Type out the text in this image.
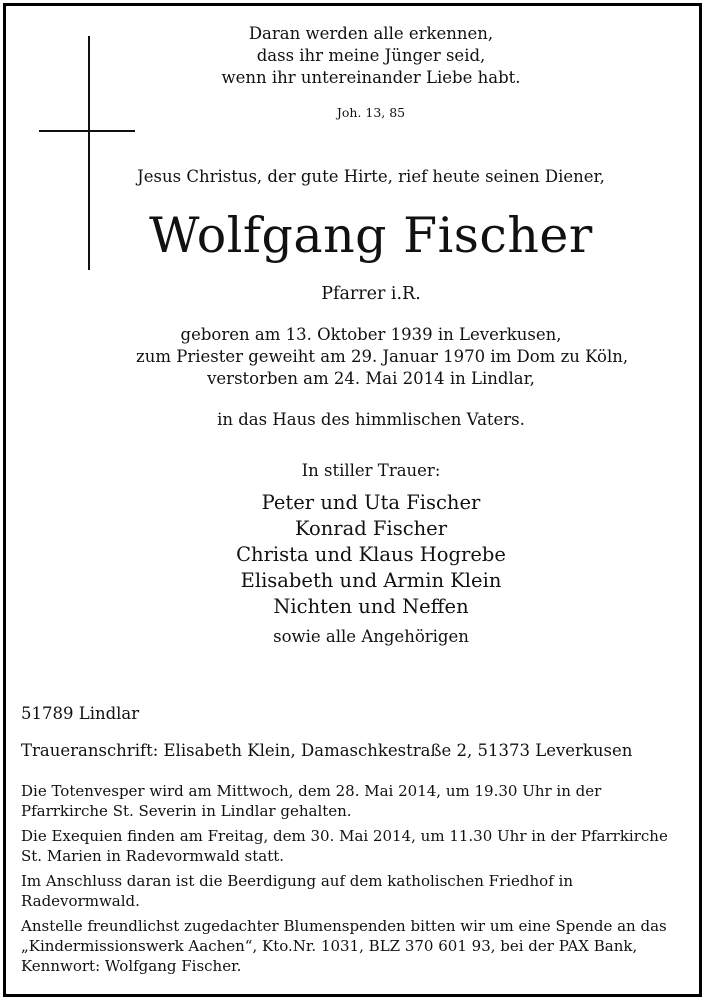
Daran werden alle erkennen,
dass ihr meine Jünger seid,
wenn ihr untereinander Liebe habt.
Joh. 13, 85
Jesus Christus, der gute Hirte, rief heute seinen Diener,
Wolfgang Fischer
Pfarrer i.R.
geboren am 13. Oktober 1939 in Leverkusen,
zum Priester geweiht am 29. Januar 1970 im Dom zu Köln,
verstorben am 24. Mai 2014 in Lindlar,
in das Haus des himmlischen Vaters.
In stiller Trauer:
Peter und Uta Fischer
Konrad Fischer
Christa und Klaus Hogrebe
Elisabeth und Armin Klein
Nichten und Neffen
sowie alle Angehörigen
51789 Lindlar
Traueranschrift: Elisabeth Klein, Damaschkestraße 2, 51373 Leverkusen

Die Totenvesper wird am Mittwoch, dem 28. Mai 2014, um 19.30 Uhr in der
Pfarrkirche St. Severin in Lindlar gehalten.

Die Exequien finden am Freitag, dem 30. Mai 2014, um 11.30 Uhr in der Pfarrkirche
St. Marien in Radevormwald statt.

Im Anschluss daran ist die Beerdigung auf dem katholischen Friedhof in
Radevormwald.

Anstelle freundlichst zugedachter Blumenspenden bitten wir um eine Spende an das
„Kindermissionswerk Aachen“, Kto.Nr. 1031, BLZ 370 601 93, bei der PAX Bank,
Kennwort: Wolfgang Fischer.
